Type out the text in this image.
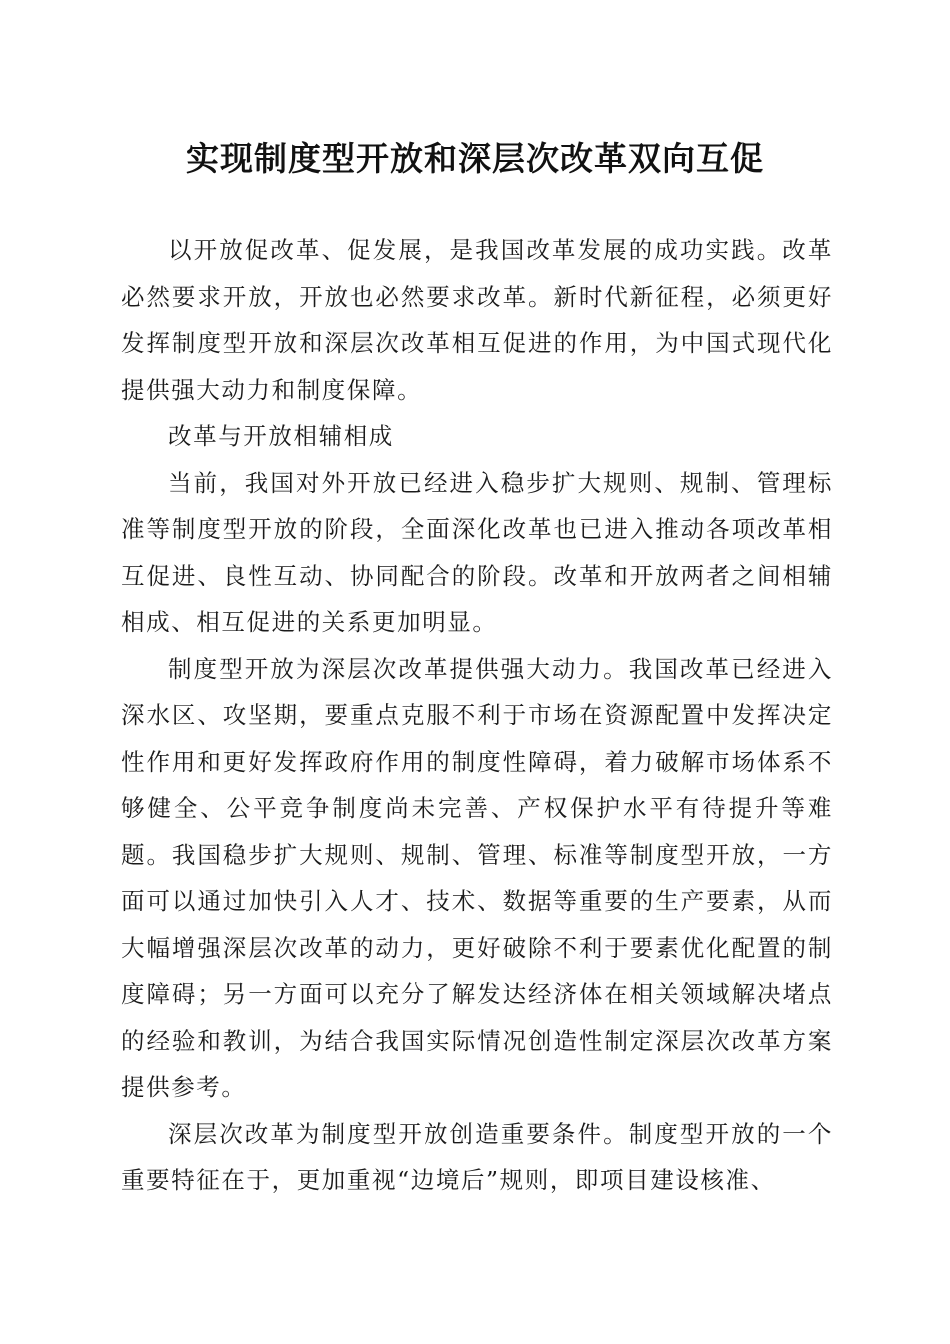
实现制度型开放和深层次改革双向互促

以开放促改革、促发展，是我国改革发展的成功实践。改革必然要求开放，开放也必然要求改革。新时代新征程，必须更好发挥制度型开放和深层次改革相互促进的作用，为中国式现代化提供强大动力和制度保障。

改革与开放相辅相成

当前，我国对外开放已经进入稳步扩大规则、规制、管理标准等制度型开放的阶段，全面深化改革也已进入推动各项改革相互促进、良性互动、协同配合的阶段。改革和开放两者之间相辅相成、相互促进的关系更加明显。

制度型开放为深层次改革提供强大动力。我国改革已经进入深水区、攻坚期，要重点克服不利于市场在资源配置中发挥决定性作用和更好发挥政府作用的制度性障碍，着力破解市场体系不够健全、公平竞争制度尚未完善、产权保护水平有待提升等难题。我国稳步扩大规则、规制、管理、标准等制度型开放，一方面可以通过加快引入人才、技术、数据等重要的生产要素，从而大幅增强深层次改革的动力，更好破除不利于要素优化配置的制度障碍；另一方面可以充分了解发达经济体在相关领域解决堵点的经验和教训，为结合我国实际情况创造性制定深层次改革方案提供参考。

深层次改革为制度型开放创造重要条件。制度型开放的一个重要特征在于，更加重视“边境后”规则，即项目建设核准、
